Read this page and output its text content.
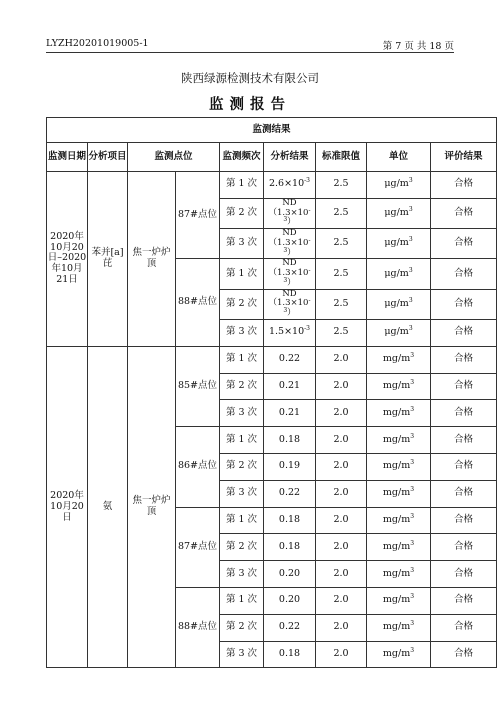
LYZH20201019005-1	第 7 页 共 18 页
陕西绿源检测技术有限公司
监测报告
监测结果								
监测日期	分析项目	监测点位		监测频次	分析结果	标准限值	单位	评价结果
2020年10月20日–2020年10月21日	苯并[a]芘	焦一炉炉顶	87#点位	第 1 次	$2.6\times 10^{-3}$	2.5	$\mu g/m^3$	合格
				第 2 次	$ND(1.3\times 10^{-3})$	2.5	$\mu g/m^3$	合格
				第 3 次	$ND(1.3\times 10^{-3})$	2.5	$\mu g/m^3$	合格
			88#点位	第 1 次	$ND(1.3\times 10^{-3})$	2.5	$\mu g/m^3$	合格
				第 2 次	$ND(1.3\times 10^{-3})$	2.5	$\mu g/m^3$	合格
				第 3 次	$1.5\times 10^{-3}$	2.5	$\mu g/m^3$	合格
2020年10月20日	氨	焦一炉炉顶	85#点位	第 1 次	0.22	2.0	$mg/m^3$	合格
				第 2 次	0.21	2.0	$mg/m^3$	合格
				第 3 次	0.21	2.0	$mg/m^3$	合格
			86#点位	第 1 次	0.18	2.0	$mg/m^3$	合格
				第 2 次	0.19	2.0	$mg/m^3$	合格
				第 3 次	0.22	2.0	$mg/m^3$	合格
			87#点位	第 1 次	0.18	2.0	$mg/m^3$	合格
				第 2 次	0.18	2.0	$mg/m^3$	合格
				第 3 次	0.20	2.0	$mg/m^3$	合格
			88#点位	第 1 次	0.20	2.0	$mg/m^3$	合格
				第 2 次	0.22	2.0	$mg/m^3$	合格
				第 3 次	0.18	2.0	$mg/m^3$	合格
